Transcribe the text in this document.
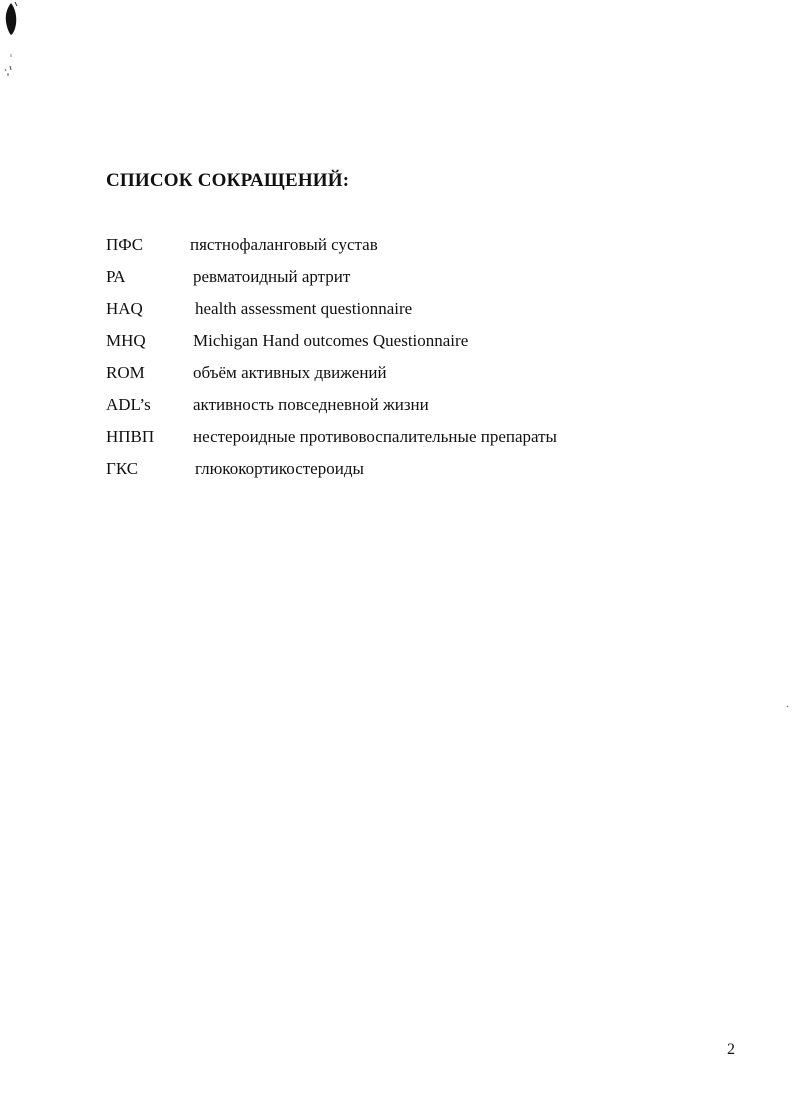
СПИСОК СОКРАЩЕНИЙ:
ПФС	пястнофаланговый сустав
РА	ревматоидный артрит
HAQ	health assessment questionnaire
MHQ	Michigan Hand outcomes Questionnaire
ROM	объём активных движений
ADL’s активность повседневной жизни
НПВП нестероидные противовоспалительные препараты
ГКС	глюкокортикостероиды
2
